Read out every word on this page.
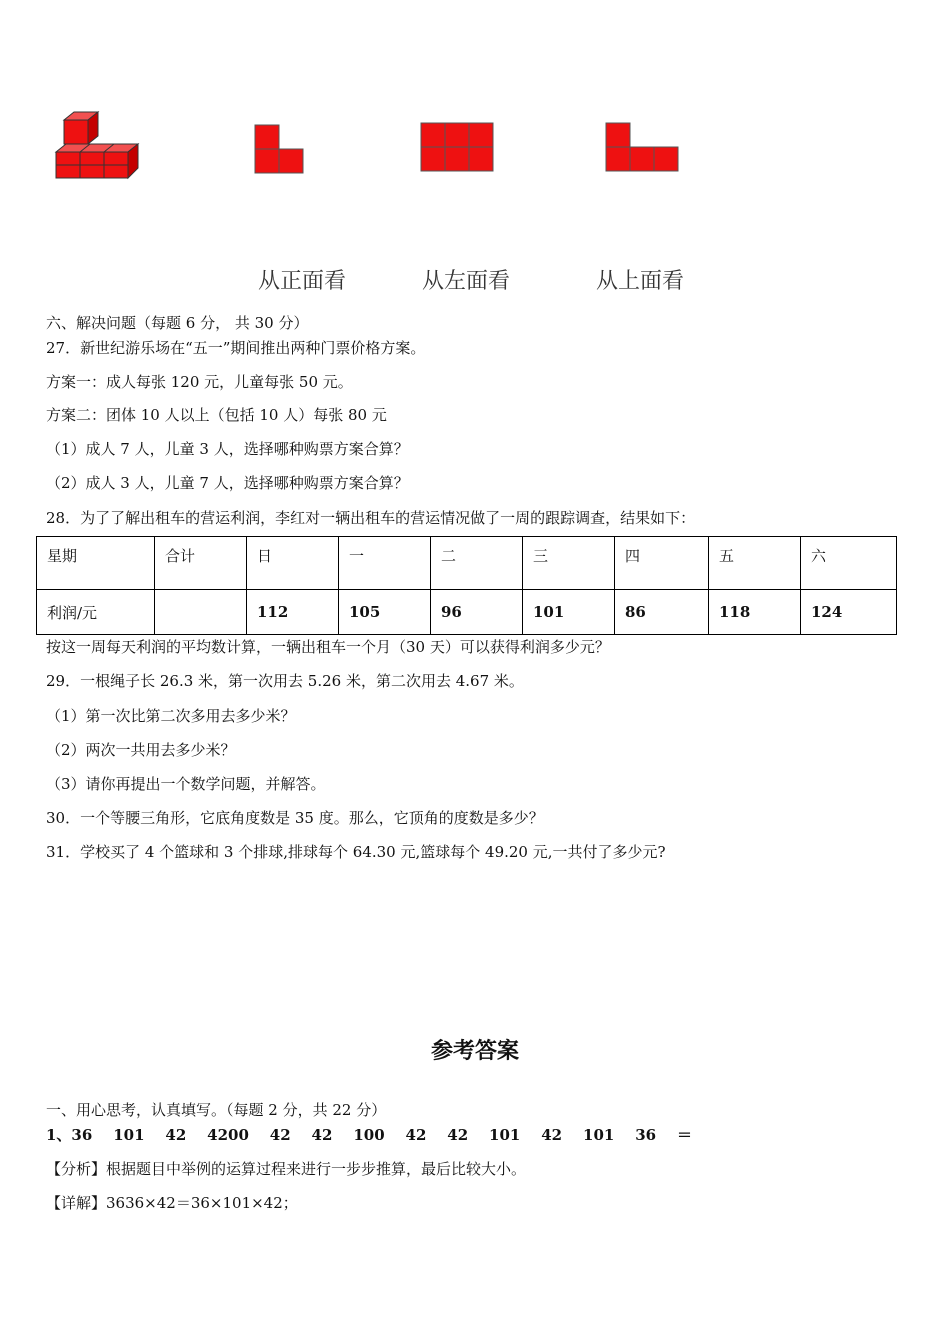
从正面看	从左面看	从上面看
六、解决问题（每题 6 分， 共 30 分）
27．新世纪游乐场在“五一”期间推出两种门票价格方案。
方案一：成人每张 120 元，儿童每张 50 元。
方案二：团体 10 人以上（包括 10 人）每张 80 元
（1）成人 7 人，儿童 3 人，选择哪种购票方案合算？
（2）成人 3 人，儿童 7 人，选择哪种购票方案合算？
28．为了了解出租车的营运利润，李红对一辆出租车的营运情况做了一周的跟踪调查，结果如下：
星期	合计	日	一	二	三	四	五	六
利润/元		112	105	96	101	86	118	124
按这一周每天利润的平均数计算，一辆出租车一个月（30 天）可以获得利润多少元？
29．一根绳子长 26.3 米，第一次用去 5.26 米，第二次用去 4.67 米。
（1）第一次比第二次多用去多少米？
（2）两次一共用去多少米？
（3）请你再提出一个数学问题，并解答。
30．一个等腰三角形，它底角度数是 35 度。那么，它顶角的度数是多少？
31．学校买了 4 个篮球和 3 个排球,排球每个 64.30 元,篮球每个 49.20 元,一共付了多少元?
参考答案
一、用心思考，认真填写。（每题 2 分，共 22 分）
1、36    101    42    4200    42    42    100    42    42    101    42    101    36    ＝
【分析】根据题目中举例的运算过程来进行一步步推算，最后比较大小。
【详解】3636×42＝36×101×42；
